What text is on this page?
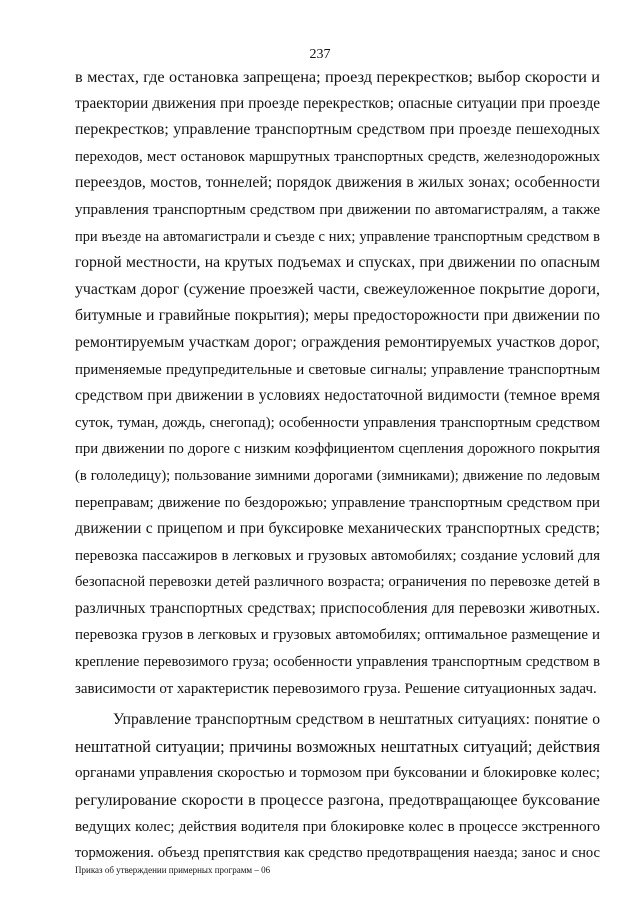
237
в местах, где остановка запрещена; проезд перекрестков; выбор скорости и
траектории движения при проезде перекрестков; опасные ситуации при проезде
перекрестков; управление транспортным средством при проезде пешеходных
переходов, мест остановок маршрутных транспортных средств, железнодорожных
переездов, мостов, тоннелей; порядок движения в жилых зонах; особенности
управления транспортным средством при движении по автомагистралям, а также
при въезде на автомагистрали и съезде с них; управление транспортным средством в
горной местности, на крутых подъемах и спусках, при движении по опасным
участкам дорог (сужение проезжей части, свежеуложенное покрытие дороги,
битумные и гравийные покрытия); меры предосторожности при движении по
ремонтируемым участкам дорог; ограждения ремонтируемых участков дорог,
применяемые предупредительные и световые сигналы; управление транспортным
средством при движении в условиях недостаточной видимости (темное время
суток, туман, дождь, снегопад); особенности управления транспортным средством
при движении по дороге с низким коэффициентом сцепления дорожного покрытия
(в гололедицу); пользование зимними дорогами (зимниками); движение по ледовым
переправам; движение по бездорожью; управление транспортным средством при
движении с прицепом и при буксировке механических транспортных средств;
перевозка пассажиров в легковых и грузовых автомобилях; создание условий для
безопасной перевозки детей различного возраста; ограничения по перевозке детей в
различных транспортных средствах; приспособления для перевозки животных.
перевозка грузов в легковых и грузовых автомобилях; оптимальное размещение и
крепление перевозимого груза; особенности управления транспортным средством в
зависимости от характеристик перевозимого груза. Решение ситуационных задач.
Управление транспортным средством в нештатных ситуациях: понятие о
нештатной ситуации; причины возможных нештатных ситуаций; действия
органами управления скоростью и тормозом при буксовании и блокировке колес;
регулирование скорости в процессе разгона, предотвращающее буксование
ведущих колес; действия водителя при блокировке колес в процессе экстренного
торможения. объезд препятствия как средство предотвращения наезда; занос и снос
Приказ об утверждении примерных программ – 06
